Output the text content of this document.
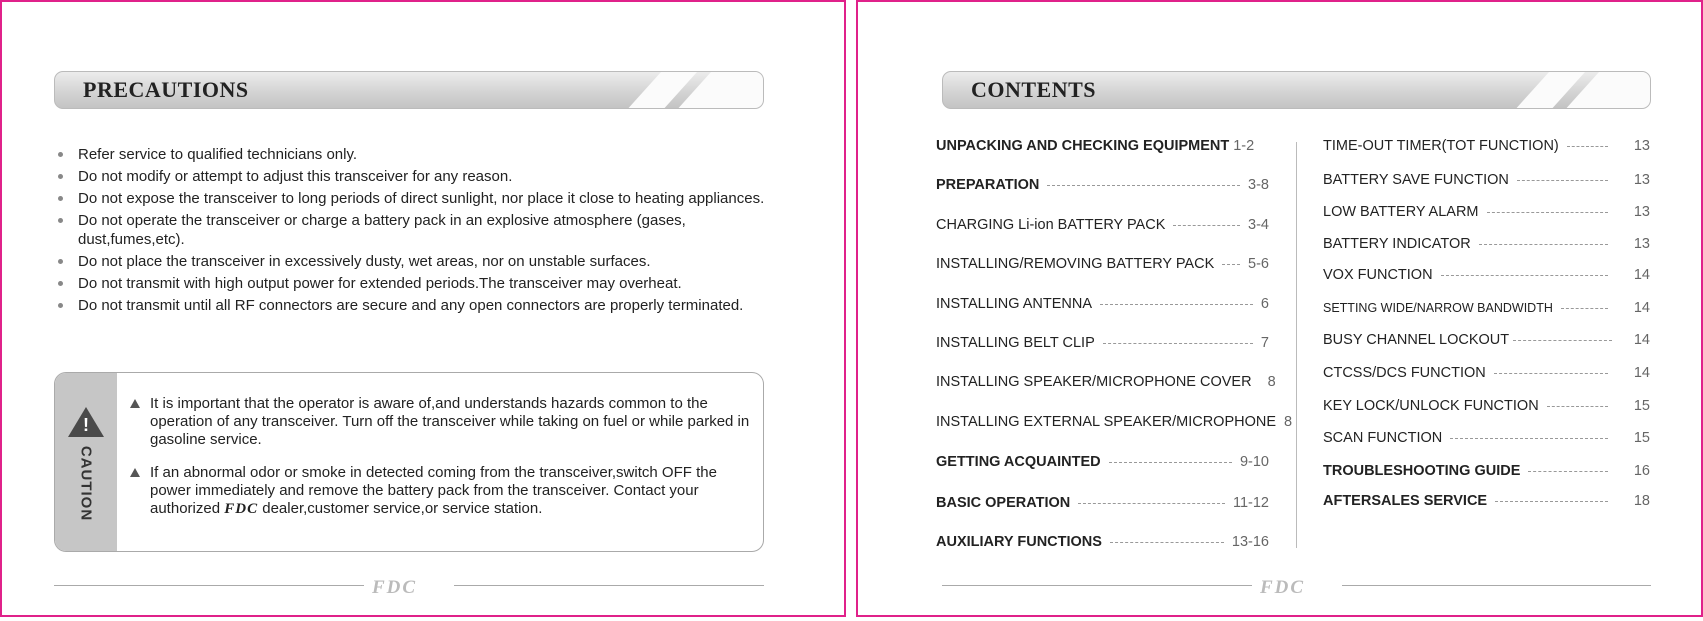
PRECAUTIONS
Refer service to qualified technicians only.
Do not modify or attempt to adjust this transceiver for any reason.
Do not expose the transceiver to long periods of direct sunlight, nor place it close to heating appliances.
Do not operate the transceiver or charge a battery pack in an explosive atmosphere (gases, dust,fumes,etc).
Do not place the transceiver in excessively dusty, wet areas, nor on unstable surfaces.
Do not transmit with high output power for extended periods.The transceiver may overheat.
Do not transmit until all RF connectors are secure and any open connectors are properly terminated.
!
CAUTION
It is important that the operator is aware of,and understands hazards common to the operation of any transceiver. Turn off the transceiver while taking on fuel or while parked in gasoline service.
If an abnormal odor or smoke in detected coming from the transceiver,switch OFF the power immediately and remove the battery pack from the transceiver. Contact your authorized FDC dealer,customer service,or service station.
FDC
CONTENTS
UNPACKING AND CHECKING EQUIPMENT 1-2
PREPARATION	3-8
CHARGING Li-ion BATTERY PACK	3-4
INSTALLING/REMOVING BATTERY PACK 5-6
INSTALLING ANTENNA	6
INSTALLING BELT CLIP	7
INSTALLING SPEAKER/MICROPHONE COVER 8
INSTALLING EXTERNAL SPEAKER/MICROPHONE 8
GETTING ACQUAINTED	9-10
BASIC OPERATION	11-12
AUXILIARY FUNCTIONS	13-16
TIME-OUT TIMER(TOT FUNCTION)	13
BATTERY SAVE FUNCTION	13
LOW BATTERY ALARM	13
BATTERY INDICATOR	13
VOX FUNCTION	14
SETTING WIDE/NARROW BANDWIDTH	14
BUSY CHANNEL LOCKOUT	14
CTCSS/DCS FUNCTION	14
KEY LOCK/UNLOCK FUNCTION	15
SCAN FUNCTION	15
TROUBLESHOOTING GUIDE	16
AFTERSALES SERVICE	18
FDC
